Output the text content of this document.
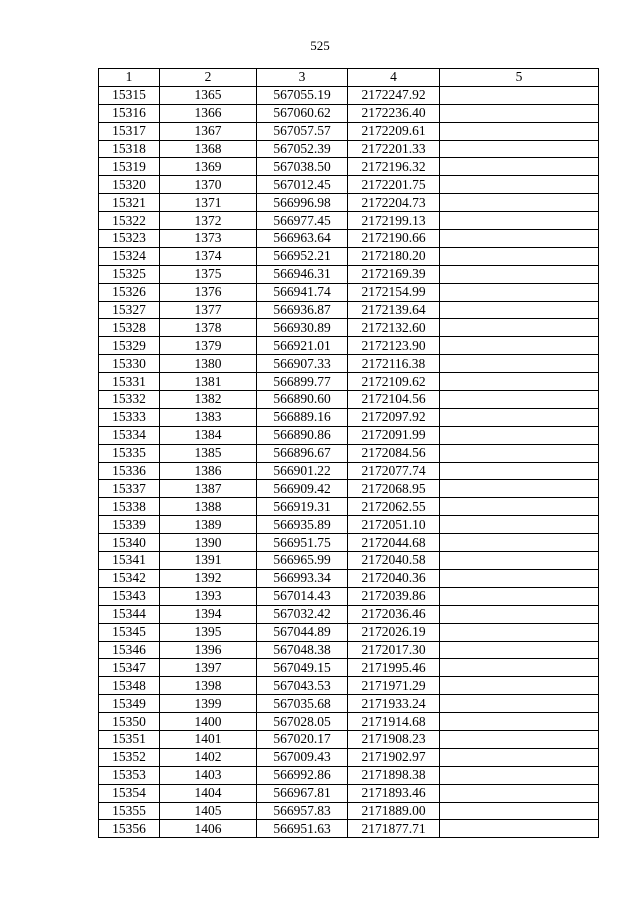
525
1	2	3	4	5
15315	1365	567055.19	2172247.92	
15316	1366	567060.62	2172236.40	
15317	1367	567057.57	2172209.61	
15318	1368	567052.39	2172201.33	
15319	1369	567038.50	2172196.32	
15320	1370	567012.45	2172201.75	
15321	1371	566996.98	2172204.73	
15322	1372	566977.45	2172199.13	
15323	1373	566963.64	2172190.66	
15324	1374	566952.21	2172180.20	
15325	1375	566946.31	2172169.39	
15326	1376	566941.74	2172154.99	
15327	1377	566936.87	2172139.64	
15328	1378	566930.89	2172132.60	
15329	1379	566921.01	2172123.90	
15330	1380	566907.33	2172116.38	
15331	1381	566899.77	2172109.62	
15332	1382	566890.60	2172104.56	
15333	1383	566889.16	2172097.92	
15334	1384	566890.86	2172091.99	
15335	1385	566896.67	2172084.56	
15336	1386	566901.22	2172077.74	
15337	1387	566909.42	2172068.95	
15338	1388	566919.31	2172062.55	
15339	1389	566935.89	2172051.10	
15340	1390	566951.75	2172044.68	
15341	1391	566965.99	2172040.58	
15342	1392	566993.34	2172040.36	
15343	1393	567014.43	2172039.86	
15344	1394	567032.42	2172036.46	
15345	1395	567044.89	2172026.19	
15346	1396	567048.38	2172017.30	
15347	1397	567049.15	2171995.46	
15348	1398	567043.53	2171971.29	
15349	1399	567035.68	2171933.24	
15350	1400	567028.05	2171914.68	
15351	1401	567020.17	2171908.23	
15352	1402	567009.43	2171902.97	
15353	1403	566992.86	2171898.38	
15354	1404	566967.81	2171893.46	
15355	1405	566957.83	2171889.00	
15356	1406	566951.63	2171877.71	
